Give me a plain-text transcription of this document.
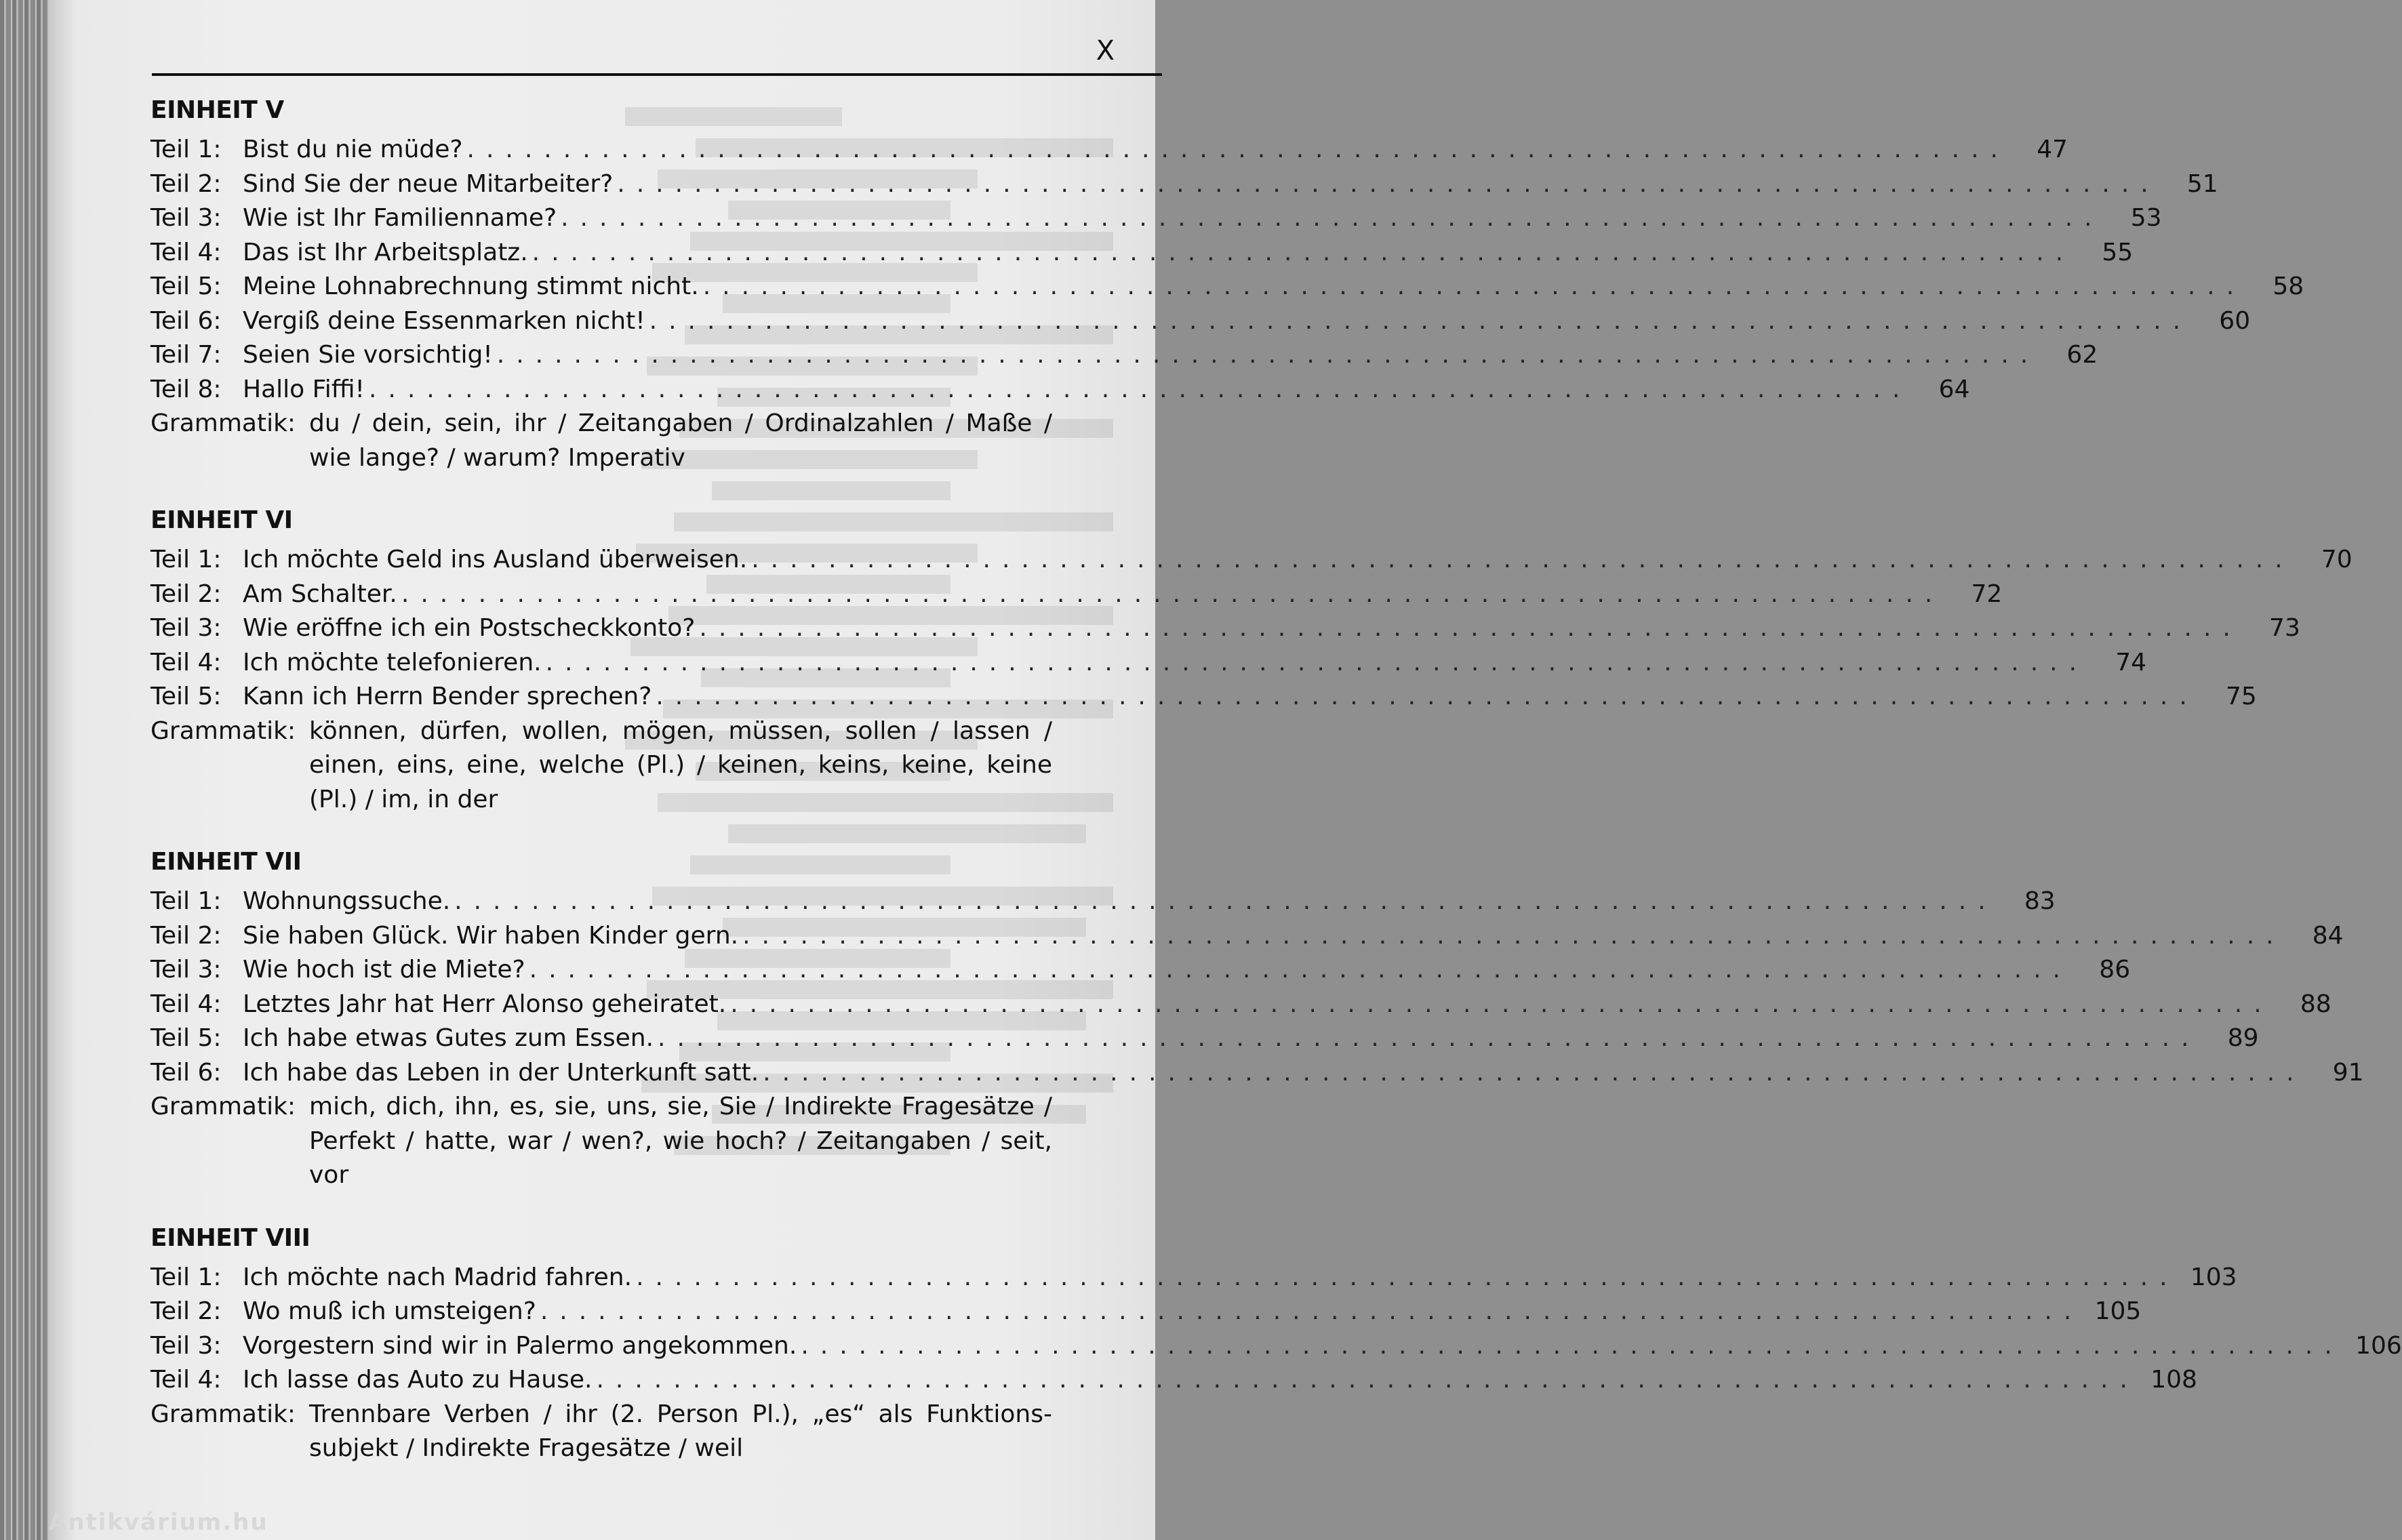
X
EINHEIT V
Teil 1: Bist du nie müde? ................................................................................	47
Teil 2: Sind Sie der neue Mitarbeiter? ................................................................................	51
Teil 3: Wie ist Ihr Familienname? ................................................................................	53
Teil 4: Das ist Ihr Arbeitsplatz. ................................................................................	55
Teil 5: Meine Lohnabrechnung stimmt nicht. ................................................................................	58
Teil 6: Vergiß deine Essenmarken nicht! ................................................................................	60
Teil 7: Seien Sie vorsichtig! ................................................................................	62
Teil 8: Hallo Fiffi! ................................................................................	64
Grammatik: du / dein, sein, ihr / Zeitangaben / Ordinalzahlen / Maße / wie lange? / warum? Imperativ
EINHEIT VI
Teil 1: Ich möchte Geld ins Ausland überweisen. ................................................................................	70
Teil 2: Am Schalter. ................................................................................	72
Teil 3: Wie eröffne ich ein Postscheckkonto? ................................................................................	73
Teil 4: Ich möchte telefonieren. ................................................................................	74
Teil 5: Kann ich Herrn Bender sprechen? ................................................................................	75
Grammatik: können, dürfen, wollen, mögen, müssen, sollen / lassen / einen, eins, eine, welche (Pl.) / keinen, keins, keine, keine (Pl.) / im, in der
EINHEIT VII
Teil 1: Wohnungssuche. ................................................................................	83
Teil 2: Sie haben Glück. Wir haben Kinder gern. ................................................................................	84
Teil 3: Wie hoch ist die Miete? ................................................................................	86
Teil 4: Letztes Jahr hat Herr Alonso geheiratet. ................................................................................	88
Teil 5: Ich habe etwas Gutes zum Essen. ................................................................................	89
Teil 6: Ich habe das Leben in der Unterkunft satt. ................................................................................	91
Grammatik: mich, dich, ihn, es, sie, uns, sie, Sie / Indirekte Fragesätze / Perfekt / hatte, war / wen?, wie hoch? / Zeitangaben / seit, vor
EINHEIT VIII
Teil 1: Ich möchte nach Madrid fahren. ................................................................................ 103
Teil 2: Wo muß ich umsteigen? ................................................................................ 105
Teil 3: Vorgestern sind wir in Palermo angekommen. ................................................................................ 106
Teil 4: Ich lasse das Auto zu Hause. ................................................................................ 108
Grammatik: Trennbare Verben / ihr (2. Person Pl.), „es“ als Funktions-subjekt / Indirekte Fragesätze / weil
Antikvárium.hu
